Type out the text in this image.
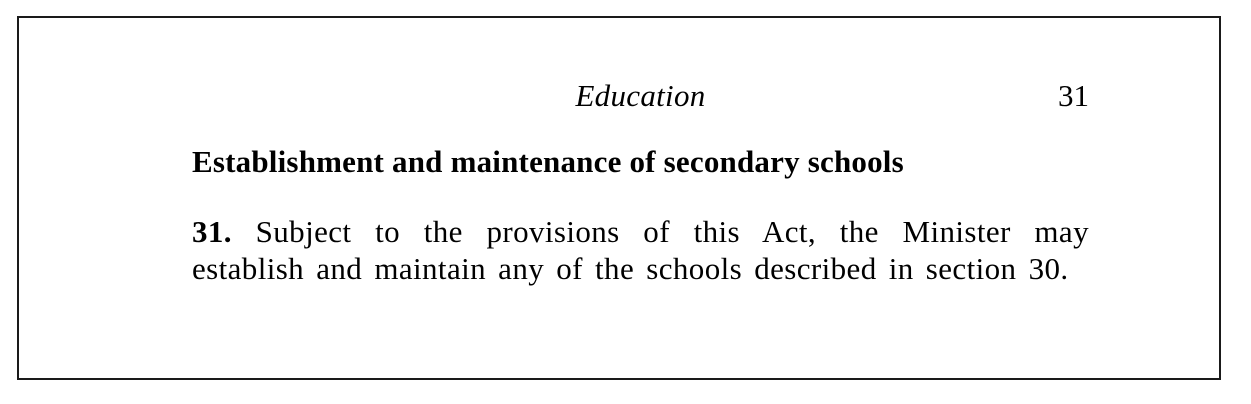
Education	31
Establishment and maintenance of secondary schools

31. Subject to the provisions of this Act, the Minister may establish and maintain any of the schools described in section 30.
